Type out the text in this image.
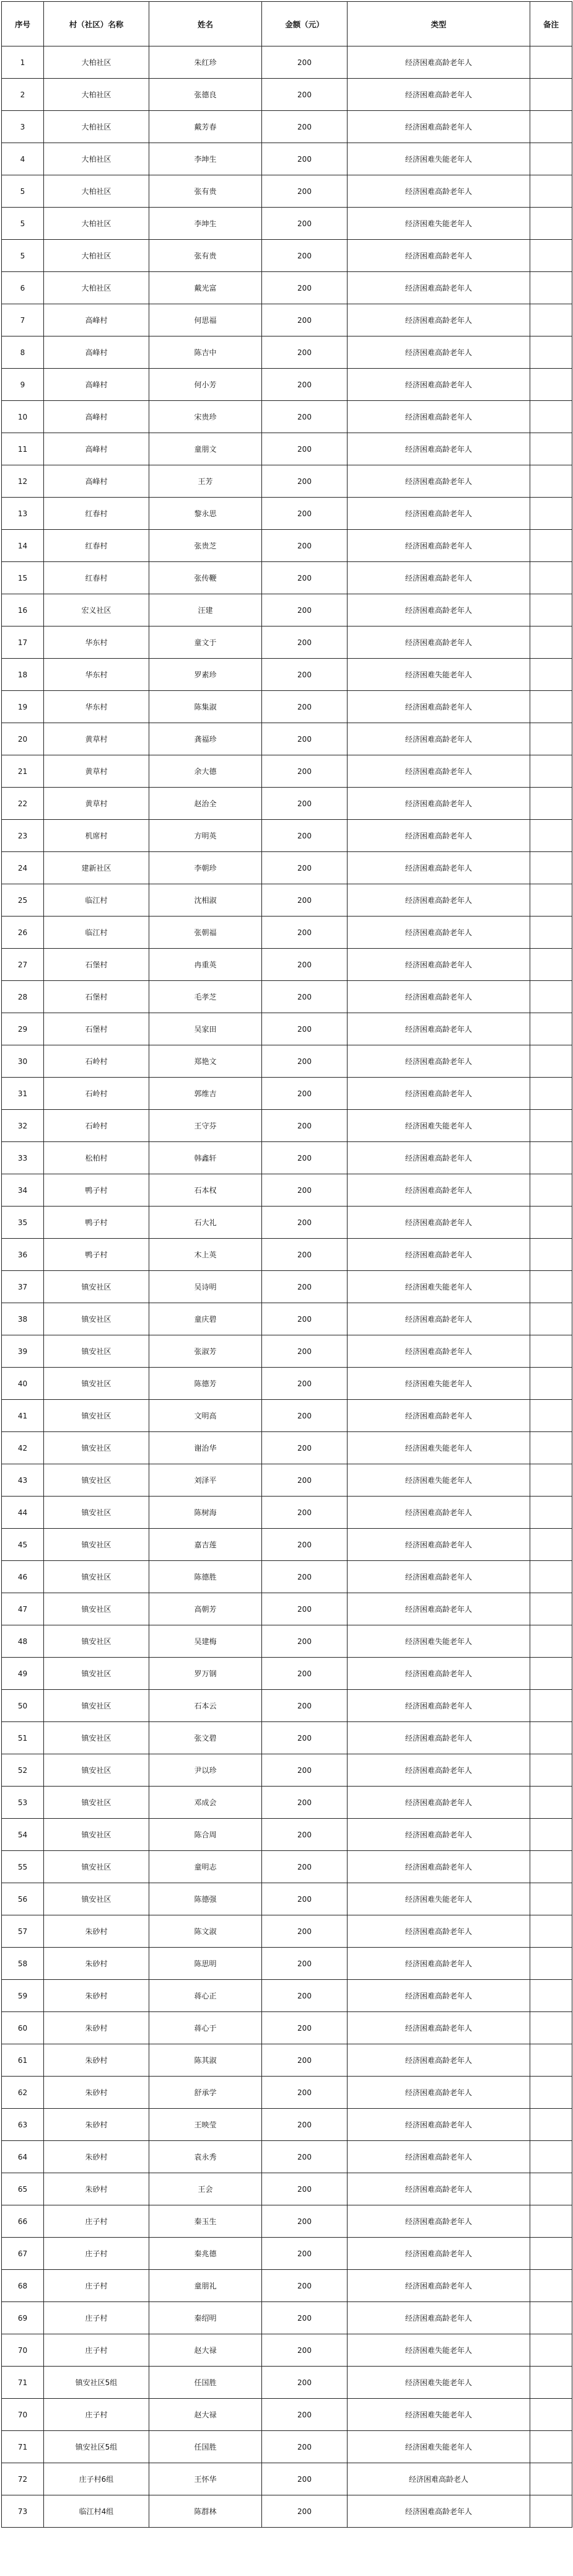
序号	村（社区）名称	姓名	金额（元）	类型	备注
1	大柏社区	朱红珍	200	经济困难高龄老年人	
2	大柏社区	张德良	200	经济困难高龄老年人	
3	大柏社区	戴芳春	200	经济困难高龄老年人	
4	大柏社区	李坤生	200	经济困难失能老年人	
5	大柏社区	张有贵	200	经济困难高龄老年人	
5	大柏社区	李坤生	200	经济困难失能老年人	
5	大柏社区	张有贵	200	经济困难高龄老年人	
6	大柏社区	戴光富	200	经济困难高龄老年人	
7	高峰村	何思福	200	经济困难高龄老年人	
8	高峰村	陈吉中	200	经济困难高龄老年人	
9	高峰村	何小芳	200	经济困难高龄老年人	
10	高峰村	宋贵珍	200	经济困难高龄老年人	
11	高峰村	童朋文	200	经济困难高龄老年人	
12	高峰村	王芳	200	经济困难高龄老年人	
13	红春村	黎永思	200	经济困难高龄老年人	
14	红春村	张贵芝	200	经济困难高龄老年人	
15	红春村	张传鞭	200	经济困难高龄老年人	
16	宏义社区	汪建	200	经济困难高龄老年人	
17	华东村	童文于	200	经济困难高龄老年人	
18	华东村	罗素珍	200	经济困难失能老年人	
19	华东村	陈集淑	200	经济困难高龄老年人	
20	黄草村	龚福珍	200	经济困难高龄老年人	
21	黄草村	余大德	200	经济困难高龄老年人	
22	黄草村	赵治全	200	经济困难高龄老年人	
23	机席村	方明英	200	经济困难高龄老年人	
24	建新社区	李朝珍	200	经济困难高龄老年人	
25	临江村	沈相淑	200	经济困难高龄老年人	
26	临江村	张朝福	200	经济困难高龄老年人	
27	石堡村	冉重英	200	经济困难高龄老年人	
28	石堡村	毛孝芝	200	经济困难高龄老年人	
29	石堡村	吴家田	200	经济困难高龄老年人	
30	石岭村	郑艳文	200	经济困难高龄老年人	
31	石岭村	郭维吉	200	经济困难高龄老年人	
32	石岭村	王守芬	200	经济困难失能老年人	
33	松柏村	韩鑫轩	200	经济困难高龄老年人	
34	鸭子村	石本权	200	经济困难高龄老年人	
35	鸭子村	石大礼	200	经济困难高龄老年人	
36	鸭子村	木上英	200	经济困难高龄老年人	
37	镇安社区	吴诗明	200	经济困难失能老年人	
38	镇安社区	童庆碧	200	经济困难高龄老年人	
39	镇安社区	张淑芳	200	经济困难高龄老年人	
40	镇安社区	陈德芳	200	经济困难失能老年人	
41	镇安社区	文明高	200	经济困难高龄老年人	
42	镇安社区	谢治华	200	经济困难失能老年人	
43	镇安社区	刘泽平	200	经济困难失能老年人	
44	镇安社区	陈树海	200	经济困难高龄老年人	
45	镇安社区	嘉吉莲	200	经济困难高龄老年人	
46	镇安社区	陈德胜	200	经济困难高龄老年人	
47	镇安社区	高朝芳	200	经济困难高龄老年人	
48	镇安社区	吴建梅	200	经济困难失能老年人	
49	镇安社区	罗万钢	200	经济困难高龄老年人	
50	镇安社区	石本云	200	经济困难高龄老年人	
51	镇安社区	张文碧	200	经济困难高龄老年人	
52	镇安社区	尹以珍	200	经济困难高龄老年人	
53	镇安社区	邓成会	200	经济困难高龄老年人	
54	镇安社区	陈合周	200	经济困难高龄老年人	
55	镇安社区	童明志	200	经济困难高龄老年人	
56	镇安社区	陈德强	200	经济困难失能老年人	
57	朱砂村	陈文淑	200	经济困难高龄老年人	
58	朱砂村	陈思明	200	经济困难高龄老年人	
59	朱砂村	蒋心正	200	经济困难高龄老年人	
60	朱砂村	蒋心于	200	经济困难高龄老年人	
61	朱砂村	陈其淑	200	经济困难高龄老年人	
62	朱砂村	舒承学	200	经济困难高龄老年人	
63	朱砂村	王映莹	200	经济困难高龄老年人	
64	朱砂村	袁永秀	200	经济困难高龄老年人	
65	朱砂村	王会	200	经济困难高龄老年人	
66	庄子村	秦玉生	200	经济困难高龄老年人	
67	庄子村	秦兆德	200	经济困难高龄老年人	
68	庄子村	童朋礼	200	经济困难高龄老年人	
69	庄子村	秦绍明	200	经济困难高龄老年人	
70	庄子村	赵大禄	200	经济困难失能老年人	
71	镇安社区5组	任国胜	200	经济困难失能老年人	
70	庄子村	赵大禄	200	经济困难失能老年人	
71	镇安社区5组	任国胜	200	经济困难失能老年人	
72	庄子村6组	王怀华	200	经济困难高龄老人	
73	临江村4组	陈群林	200	经济困难高龄老年人	
